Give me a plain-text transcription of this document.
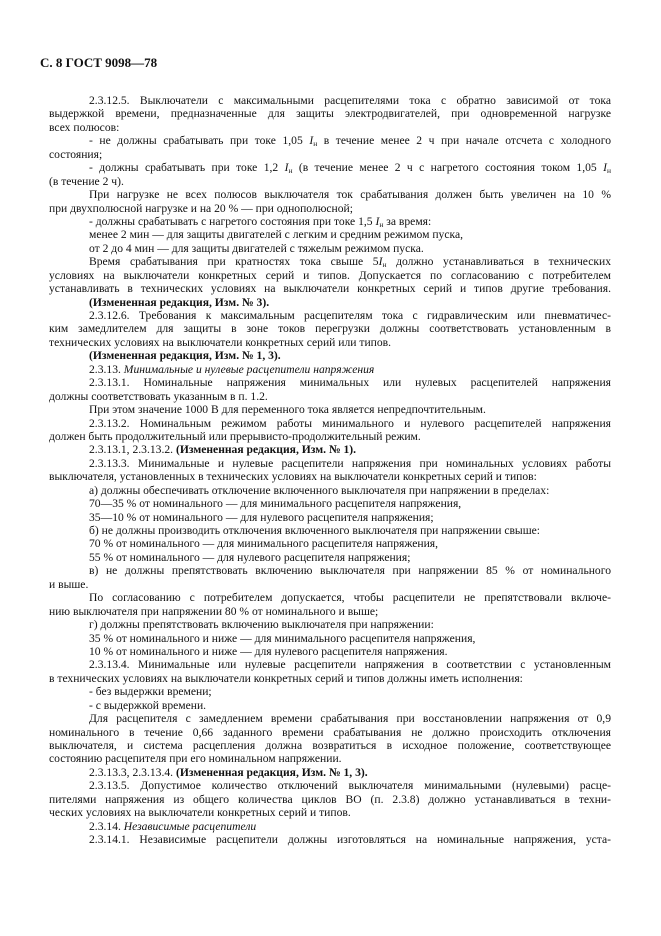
С. 8 ГОСТ 9098—78
2.3.12.5. Выключатели с максимальными расцепителями тока с обратно зависимой от тока
выдержкой времени, предназначенные для защиты электродвигателей, при одновременной нагрузке
всех полюсов:
- не должны срабатывать при токе 1,05 $I_н$ в течение менее 2 ч при начале отсчета с холодного
состояния;
- должны срабатывать при токе 1,2 $I_н$ (в течение менее 2 ч с нагретого состояния током 1,05 $I_н$
(в течение 2 ч).
При нагрузке не всех полюсов выключателя ток срабатывания должен быть увеличен на 10 %
при двухполюсной нагрузке и на 20 % — при однополюсной;
- должны срабатывать с нагретого состояния при токе 1,5 $I_н$ за время:
менее 2 мин — для защиты двигателей с легким и средним режимом пуска,
от 2 до 4 мин — для защиты двигателей с тяжелым режимом пуска.
Время срабатывания при кратностях тока свыше $5I_н$ должно устанавливаться в технических
условиях на выключатели конкретных серий и типов. Допускается по согласованию с потребителем
устанавливать в технических условиях на выключатели конкретных серий и типов другие требования.
(Измененная редакция, Изм. № 3).
2.3.12.6. Требования к максимальным расцепителям тока с гидравлическим или пневматичес-
ким замедлителем для защиты в зоне токов перегрузки должны соответствовать установленным в
технических условиях на выключатели конкретных серий или типов.
(Измененная редакция, Изм. № 1, 3).
2.3.13. Минимальные и нулевые расцепители напряжения
2.3.13.1. Номинальные напряжения минимальных или нулевых расцепителей напряжения
должны соответствовать указанным в п. 1.2.
При этом значение 1000 В для переменного тока является непредпочтительным.
2.3.13.2. Номинальным режимом работы минимального и нулевого расцепителей напряжения
должен быть продолжительный или прерывисто-продолжительный режим.
2.3.13.1, 2.3.13.2. (Измененная редакция, Изм. № 1).
2.3.13.3. Минимальные и нулевые расцепители напряжения при номинальных условиях работы
выключателя, установленных в технических условиях на выключатели конкретных серий и типов:
а) должны обеспечивать отключение включенного выключателя при напряжении в пределах:
70—35 % от номинального — для минимального расцепителя напряжения,
35—10 % от номинального — для нулевого расцепителя напряжения;
б) не должны производить отключения включенного выключателя при напряжении свыше:
70 % от номинального — для минимального расцепителя напряжения,
55 % от номинального — для нулевого расцепителя напряжения;
в) не должны препятствовать включению выключателя при напряжении 85 % от номинального
и выше.
По согласованию с потребителем допускается, чтобы расцепители не препятствовали включе-
нию выключателя при напряжении 80 % от номинального и выше;
г) должны препятствовать включению выключателя при напряжении:
35 % от номинального и ниже — для минимального расцепителя напряжения,
10 % от номинального и ниже — для нулевого расцепителя напряжения.
2.3.13.4. Минимальные или нулевые расцепители напряжения в соответствии с установленным
в технических условиях на выключатели конкретных серий и типов должны иметь исполнения:
- без выдержки времени;
- с выдержкой времени.
Для расцепителя с замедлением времени срабатывания при восстановлении напряжения от 0,9
номинального в течение 0,66 заданного времени срабатывания не должно происходить отключения
выключателя, и система расцепления должна возвратиться в исходное положение, соответствующее
состоянию расцепителя при его номинальном напряжении.
2.3.13.3, 2.3.13.4. (Измененная редакция, Изм. № 1, 3).
2.3.13.5. Допустимое количество отключений выключателя минимальными (нулевыми) расце-
пителями напряжения из общего количества циклов ВО (п. 2.3.8) должно устанавливаться в техни-
ческих условиях на выключатели конкретных серий и типов.
2.3.14. Независимые расцепители
2.3.14.1. Независимые расцепители должны изготовляться на номинальные напряжения, уста-
